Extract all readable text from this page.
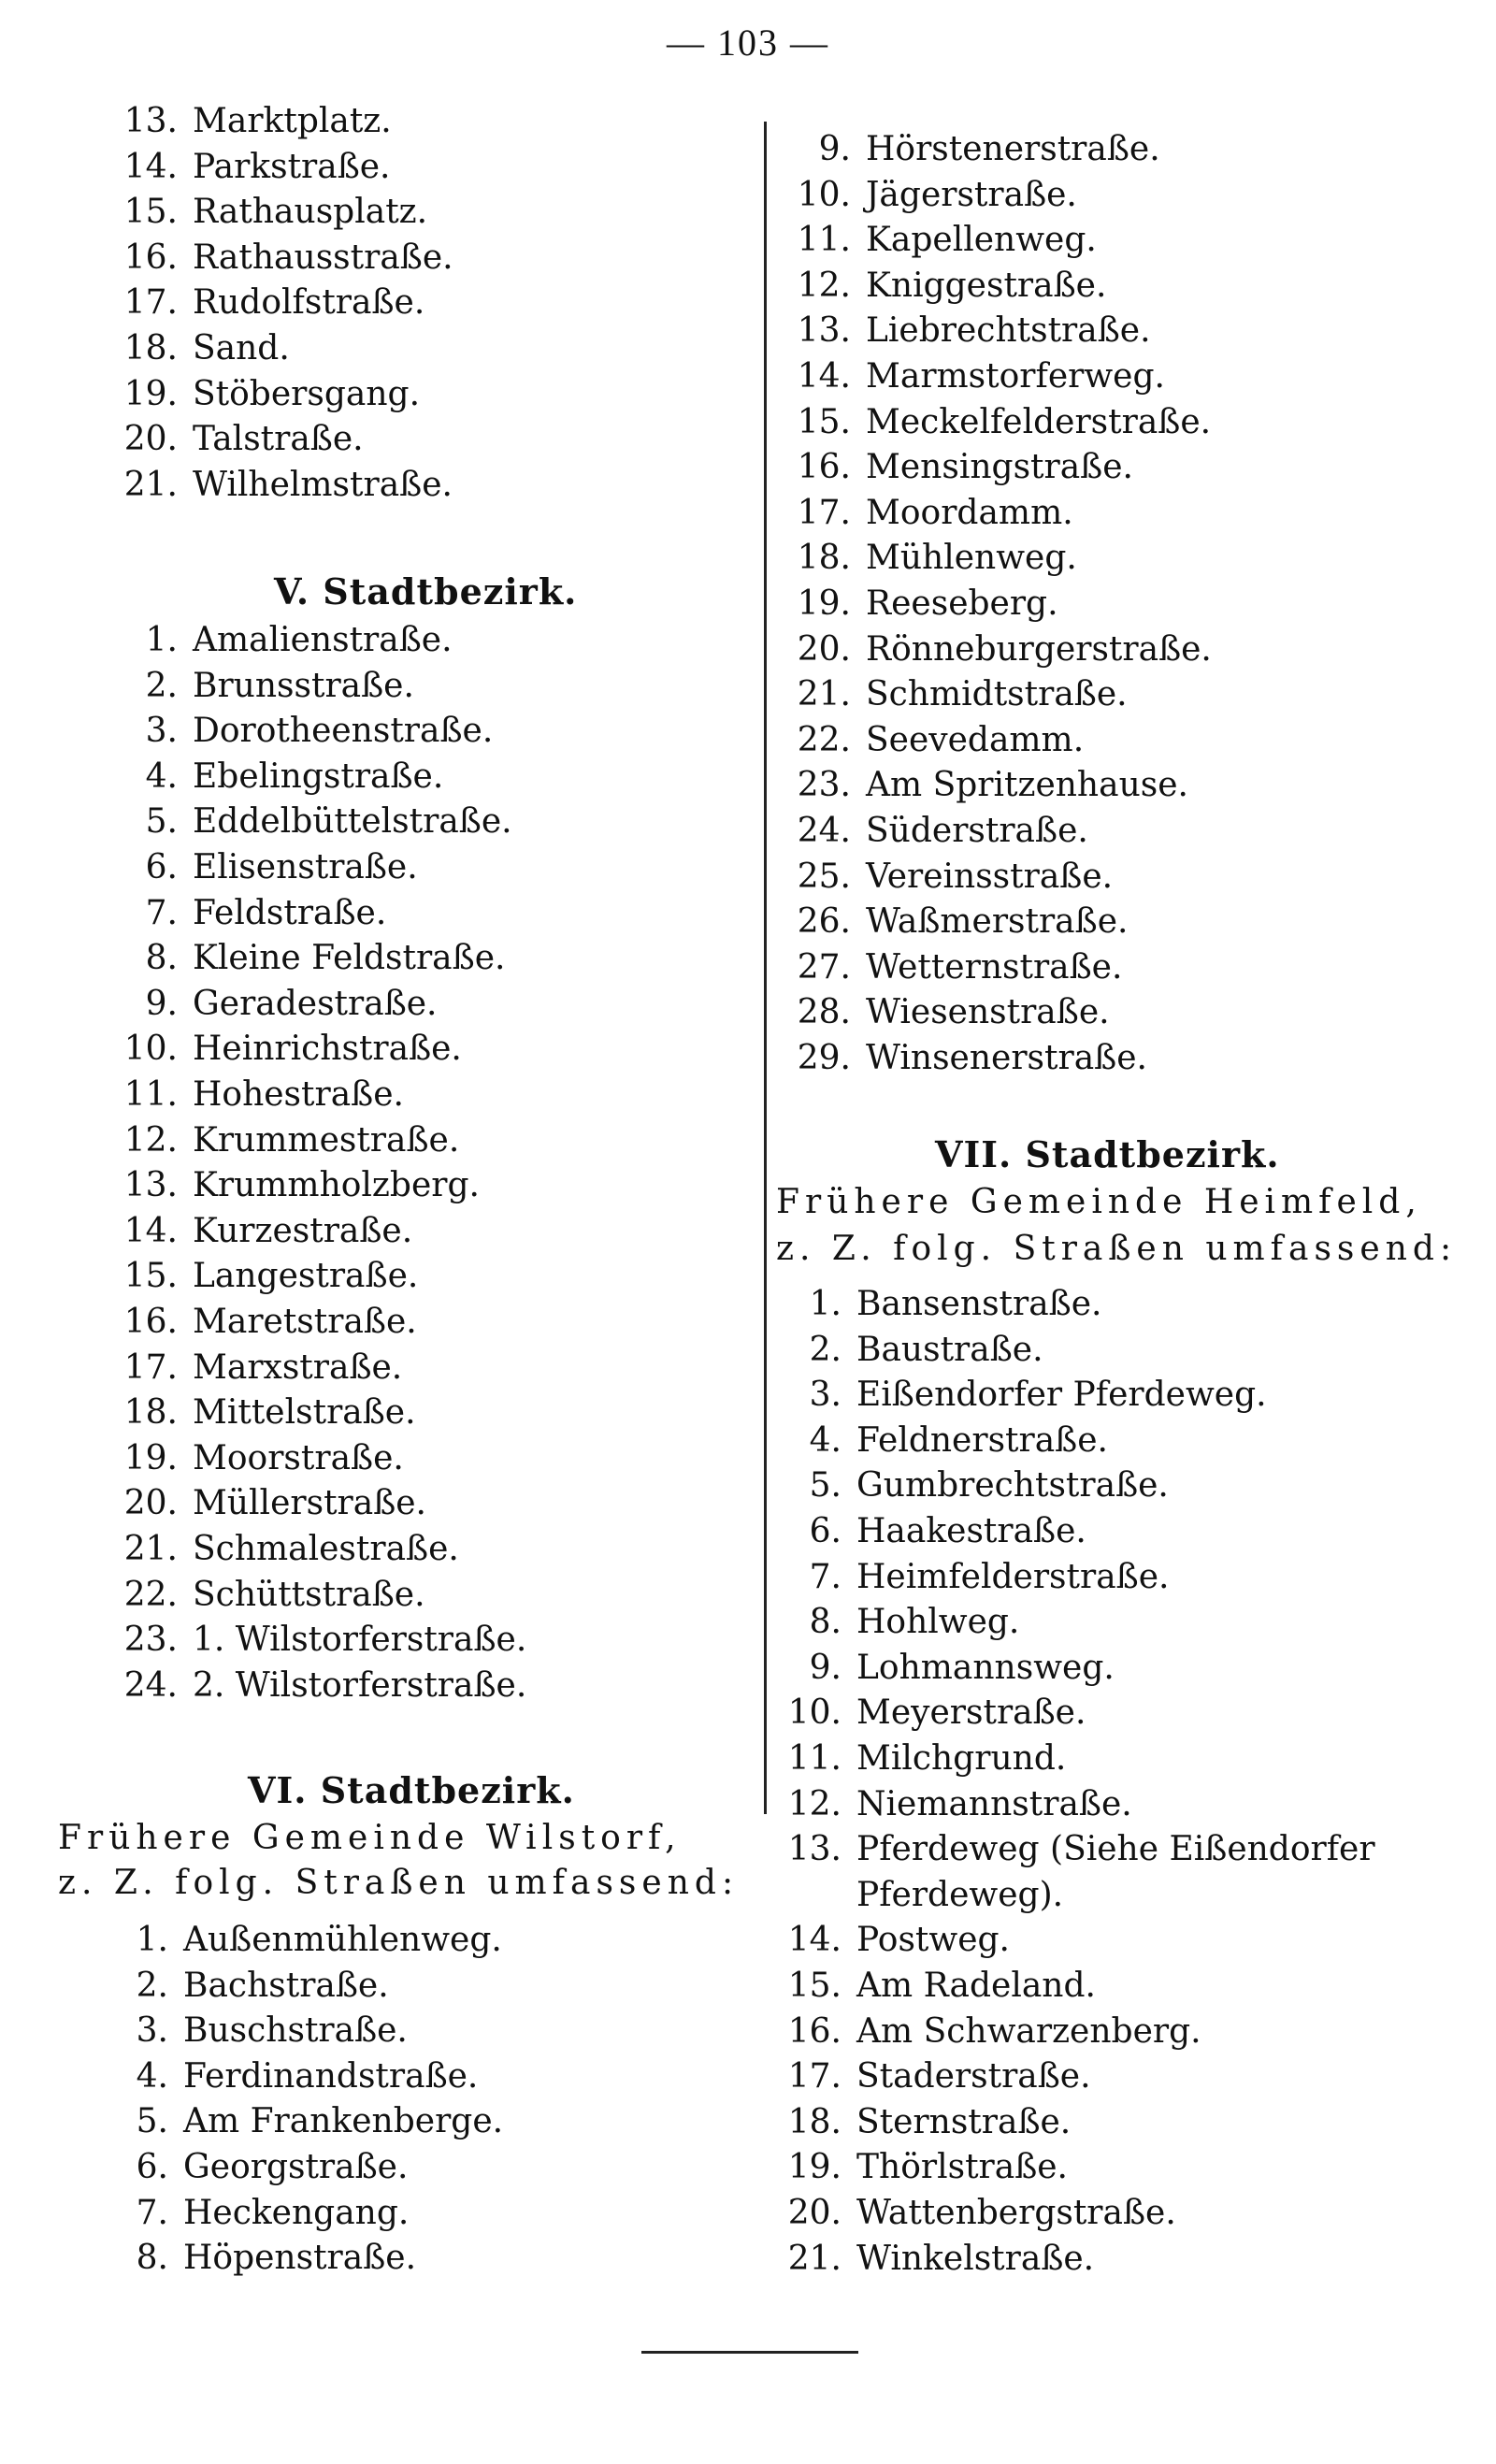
— 103 —
13. Marktplatz.
14. Parkstraße.
15. Rathausplatz.
16. Rathausstraße.
17. Rudolfstraße.
18. Sand.
19. Stöbersgang.
20. Talstraße.
21. Wilhelmstraße.
V. Stadtbezirk.
1. Amalienstraße.
2. Brunsstraße.
3. Dorotheenstraße.
4. Ebelingstraße.
5. Eddelbüttelstraße.
6. Elisenstraße.
7. Feldstraße.
8. Kleine Feldstraße.
9. Geradestraße.
10. Heinrichstraße.
11. Hohestraße.
12. Krummestraße.
13. Krummholzberg.
14. Kurzestraße.
15. Langestraße.
16. Maretstraße.
17. Marxstraße.
18. Mittelstraße.
19. Moorstraße.
20. Müllerstraße.
21. Schmalestraße.
22. Schüttstraße.
23. 1. Wilstorferstraße.
24. 2. Wilstorferstraße.
VI. Stadtbezirk.
Frühere Gemeinde Wilstorf,
z. Z. folg. Straßen umfassend:
1. Außenmühlenweg.
2. Bachstraße.
3. Buschstraße.
4. Ferdinandstraße.
5. Am Frankenberge.
6. Georgstraße.
7. Heckengang.
8. Höpenstraße.
9. Hörstenerstraße.
10. Jägerstraße.
11. Kapellenweg.
12. Kniggestraße.
13. Liebrechtstraße.
14. Marmstorferweg.
15. Meckelfelderstraße.
16. Mensingstraße.
17. Moordamm.
18. Mühlenweg.
19. Reeseberg.
20. Rönneburgerstraße.
21. Schmidtstraße.
22. Seevedamm.
23. Am Spritzenhause.
24. Süderstraße.
25. Vereinsstraße.
26. Waßmerstraße.
27. Wetternstraße.
28. Wiesenstraße.
29. Winsenerstraße.
VII. Stadtbezirk.
Frühere Gemeinde Heimfeld,
z. Z. folg. Straßen umfassend:
1. Bansenstraße.
2. Baustraße.
3. Eißendorfer Pferdeweg.
4. Feldnerstraße.
5. Gumbrechtstraße.
6. Haakestraße.
7. Heimfelderstraße.
8. Hohlweg.
9. Lohmannsweg.
10. Meyerstraße.
11. Milchgrund.
12. Niemannstraße.
13. Pferdeweg (Siehe Eißendorfer
Pferdeweg).
14. Postweg.
15. Am Radeland.
16. Am Schwarzenberg.
17. Staderstraße.
18. Sternstraße.
19. Thörlstraße.
20. Wattenbergstraße.
21. Winkelstraße.
